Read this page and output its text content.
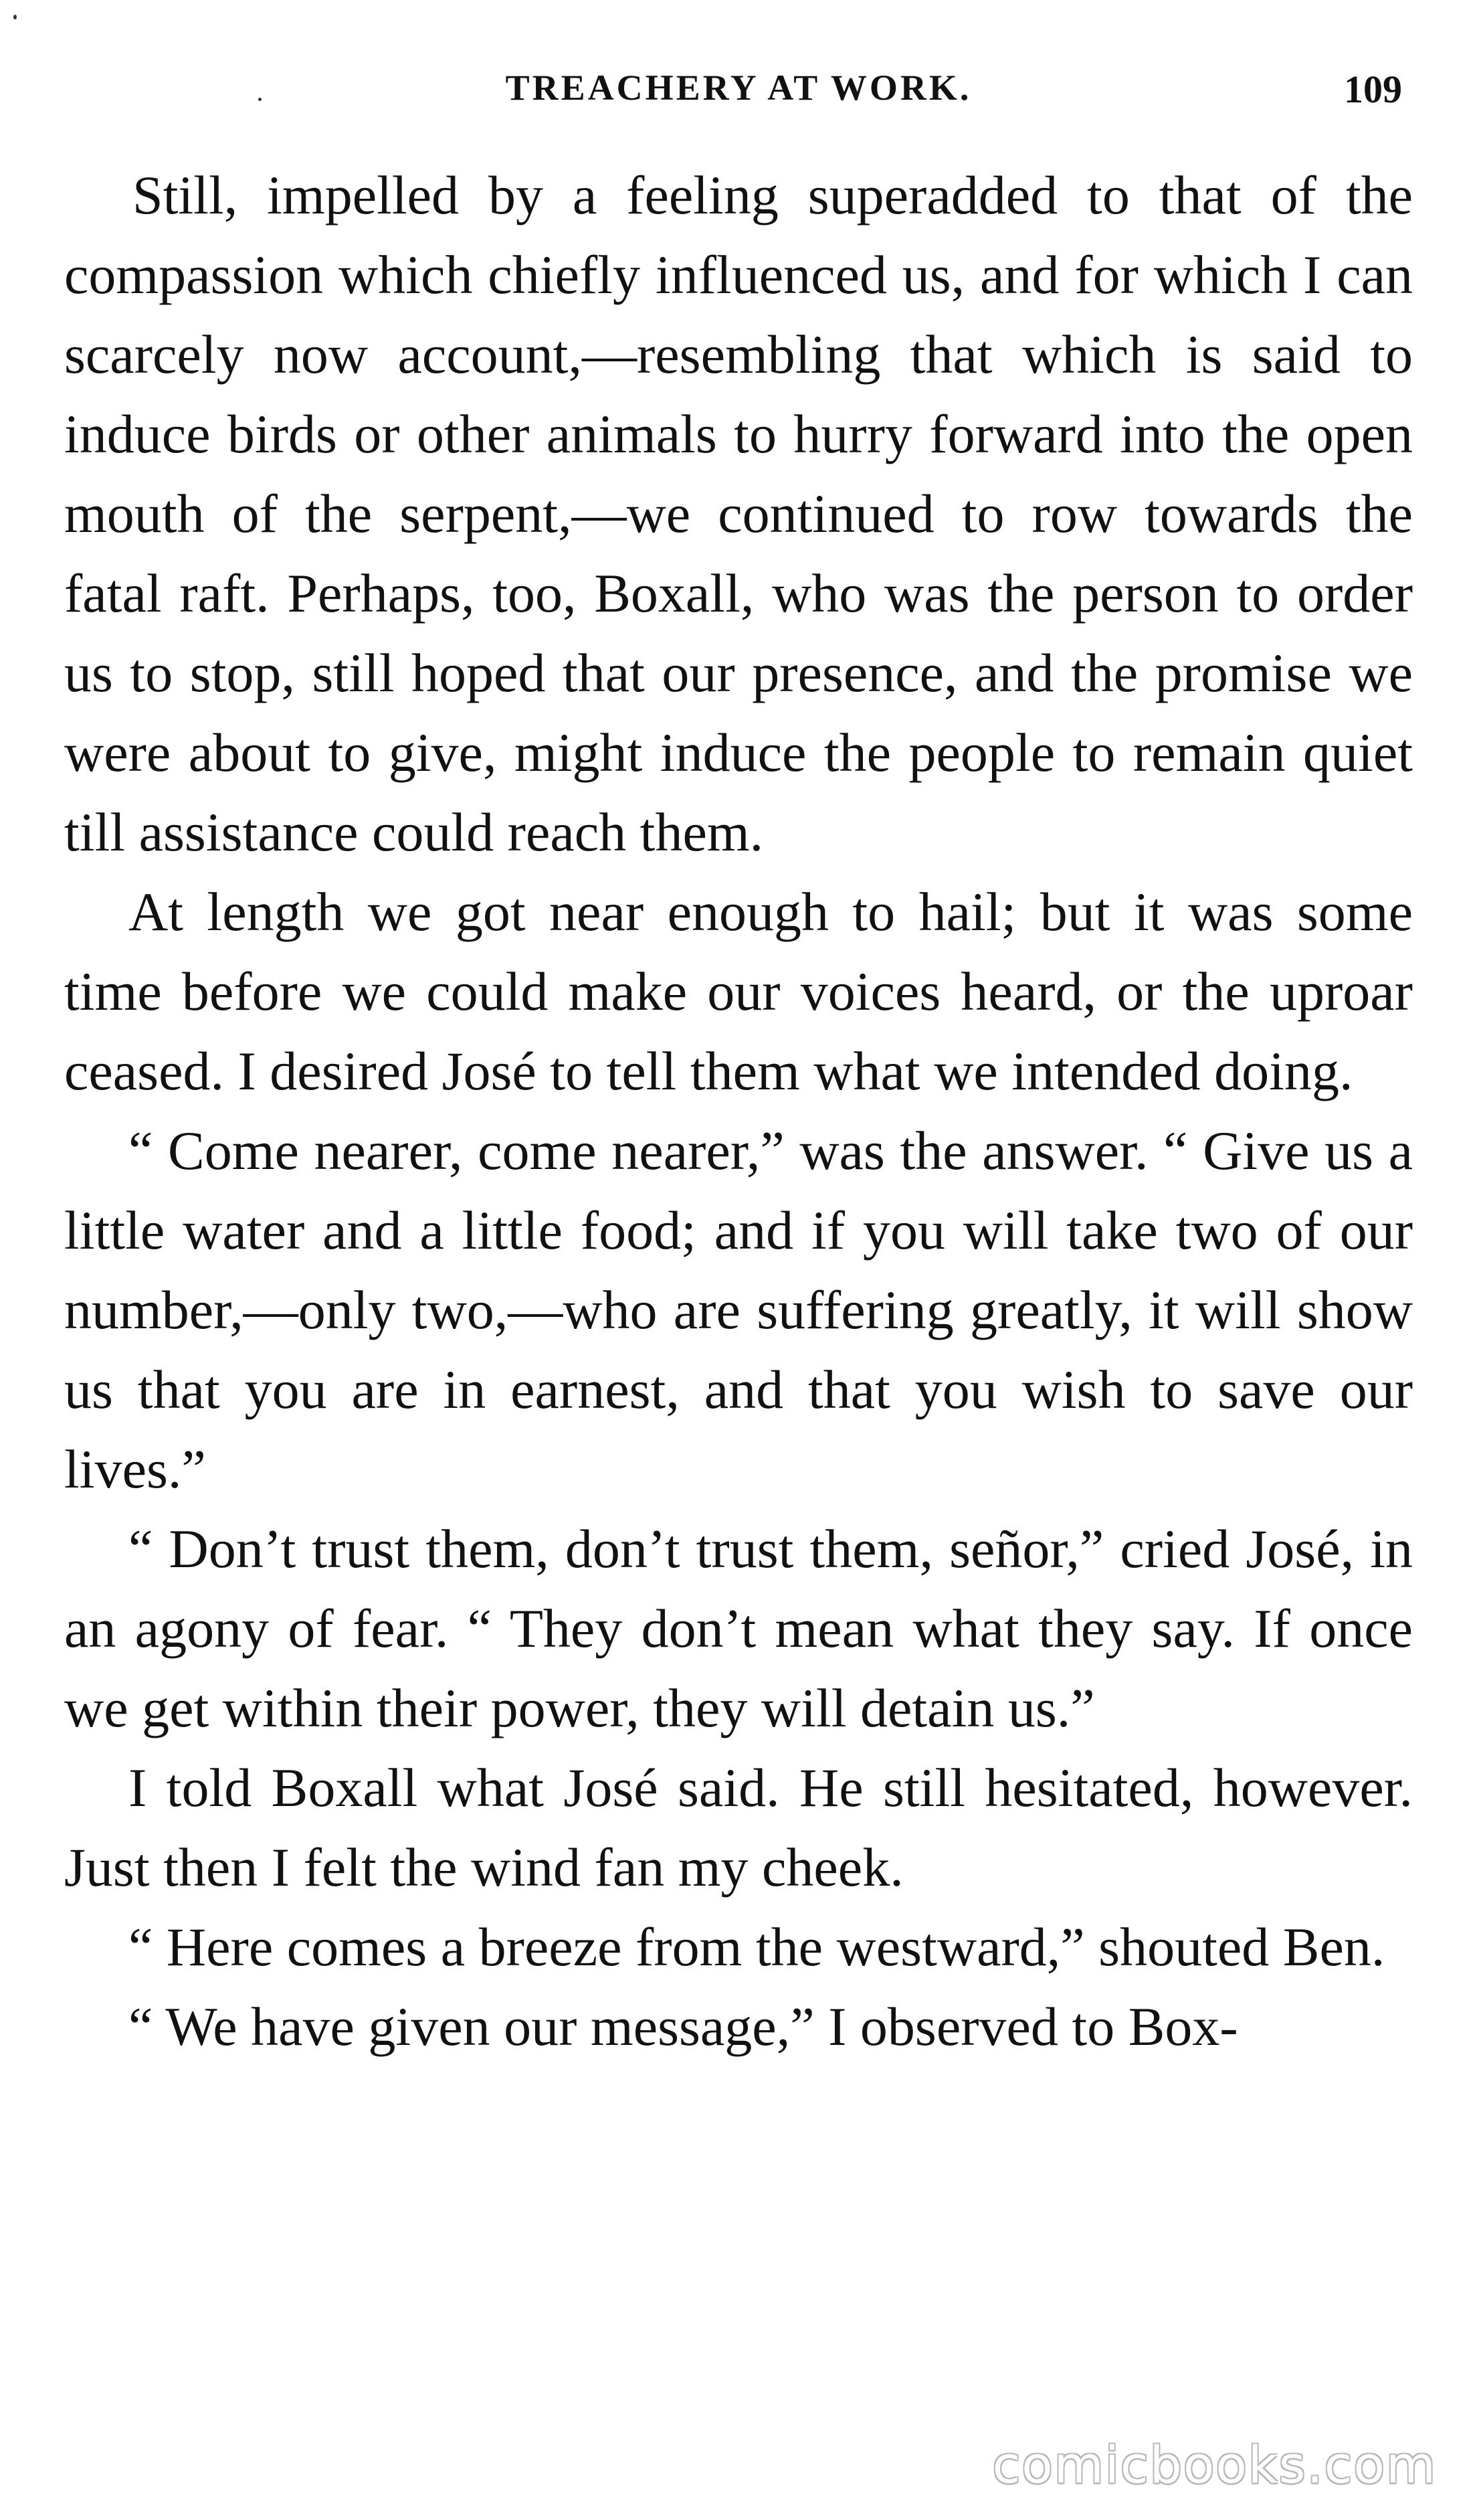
TREACHERY AT WORK.	109

Still, impelled by a feeling superadded to that of the compassion which chiefly influenced us, and for which I can scarcely now account,—resembling that which is said to induce birds or other animals to hurry forward into the open mouth of the serpent,—we continued to row towards the fatal raft. Perhaps, too, Boxall, who was the person to order us to stop, still hoped that our presence, and the promise we were about to give, might induce the people to remain quiet till assistance could reach them.

At length we got near enough to hail; but it was some time before we could make our voices heard, or the uproar ceased. I desired José to tell them what we intended doing.

“ Come nearer, come nearer,” was the answer. “ Give us a little water and a little food; and if you will take two of our number,—only two,—who are suffering greatly, it will show us that you are in earnest, and that you wish to save our lives.”

“ Don’t trust them, don’t trust them, señor,” cried José, in an agony of fear. “ They don’t mean what they say. If once we get within their power, they will detain us.”

I told Boxall what José said. He still hesitated, however. Just then I felt the wind fan my cheek.

“ Here comes a breeze from the westward,” shouted Ben.

“ We have given our message,” I observed to Box-

comicbooks.com
